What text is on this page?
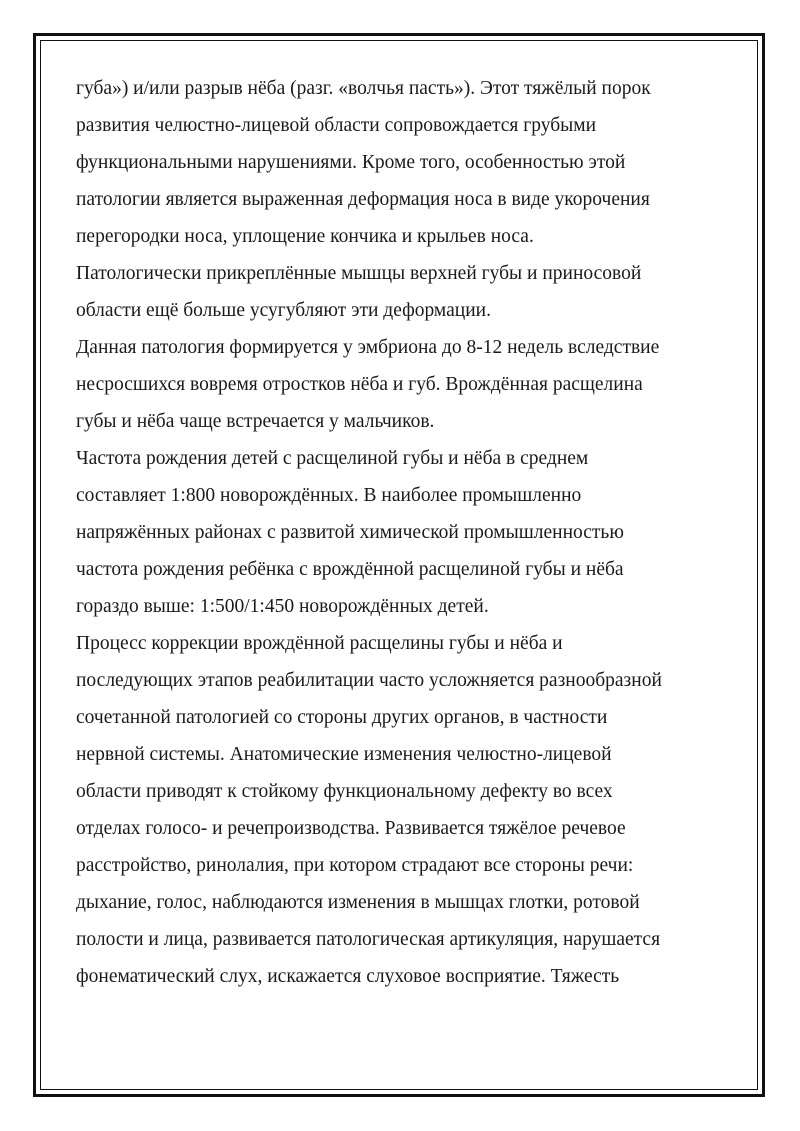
губа») и/или разрыв нёба (разг. «волчья пасть»). Этот тяжёлый порок

развития челюстно-лицевой области сопровождается грубыми

функциональными нарушениями. Кроме того, особенностью этой

патологии является выраженная деформация носа в виде укорочения

перегородки носа, уплощение кончика и крыльев носа.

Патологически прикреплённые мышцы верхней губы и приносовой

области ещё больше усугубляют эти деформации.

Данная патология формируется у эмбриона до 8-12 недель вследствие

несросшихся вовремя отростков нёба и губ. Врождённая расщелина

губы и нёба чаще встречается у мальчиков.

Частота рождения детей с расщелиной губы и нёба в среднем

составляет 1:800 новорождённых. В наиболее промышленно

напряжённых районах с развитой химической промышленностью

частота рождения ребёнка с врождённой расщелиной губы и нёба

гораздо выше: 1:500/1:450 новорождённых детей.

Процесс коррекции врождённой расщелины губы и нёба и

последующих этапов реабилитации часто усложняется разнообразной

сочетанной патологией со стороны других органов, в частности

нервной системы. Анатомические изменения челюстно-лицевой

области приводят к стойкому функциональному дефекту во всех

отделах голосо- и речепроизводства. Развивается тяжёлое речевое

расстройство, ринолалия, при котором страдают все стороны речи:

дыхание, голос, наблюдаются изменения в мышцах глотки, ротовой

полости и лица, развивается патологическая артикуляция, нарушается

фонематический слух, искажается слуховое восприятие. Тяжесть
